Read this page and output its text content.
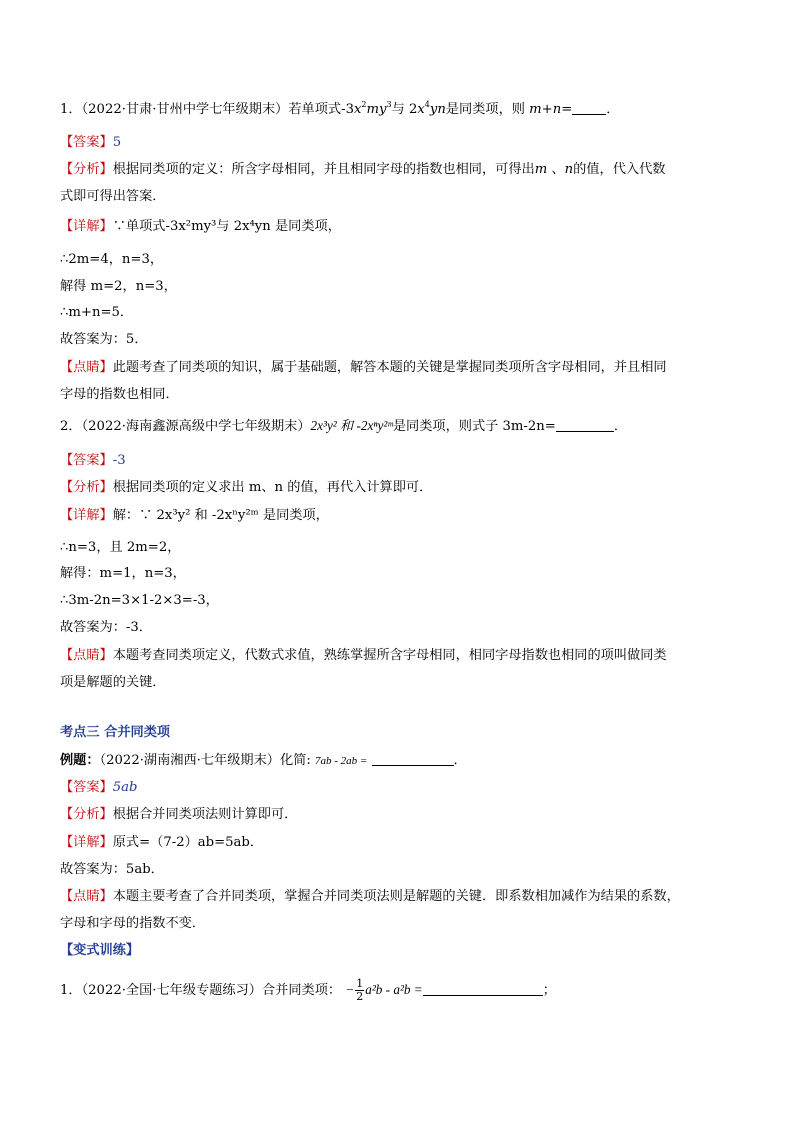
1．（2022·甘肃·甘州中学七年级期末）若单项式$-3x^2my^3$与 $2x^4yn$是同类项，则 m+n=	．
【答案】5
【分析】根据同类项的定义：所含字母相同，并且相同字母的指数也相同，可得出m 、n的值，代入代数
式即可得出答案．
【详解】∵单项式-3x²my³与 2x⁴yn 是同类项，
∴2m=4，n=3，
解得 m=2，n=3，
∴m+n=5．
故答案为：5．
【点睛】此题考查了同类项的知识，属于基础题，解答本题的关键是掌握同类项所含字母相同，并且相同
字母的指数也相同．
2．（2022·海南鑫源高级中学七年级期末）2x³y² 和 -2xⁿy²ᵐ是同类项，则式子 3m-2n=	．
【答案】-3
【分析】根据同类项的定义求出 m、n 的值，再代入计算即可．
【详解】解：∵ 2x³y² 和 -2xⁿy²ᵐ 是同类项，
∴n=3，且 2m=2，
解得：m=1，n=3，
∴3m-2n=3×1-2×3=-3，
故答案为：-3．
【点睛】本题考查同类项定义，代数式求值，熟练掌握所含字母相同，相同字母指数也相同的项叫做同类
项是解题的关键．
考点三 合并同类项
例题：（2022·湖南湘西·七年级期末）化简: 7ab - 2ab =	．
【答案】5ab
【分析】根据合并同类项法则计算即可．
【详解】原式=（7-2）ab=5ab．
故答案为：5ab．
【点睛】本题主要考查了合并同类项，掌握合并同类项法则是解题的关键．即系数相加减作为结果的系数，
字母和字母的指数不变．
【变式训练】
1．（2022·全国·七年级专题练习）合并同类项： − $\frac{1}{2} a^2b - a^2b$ =	；
